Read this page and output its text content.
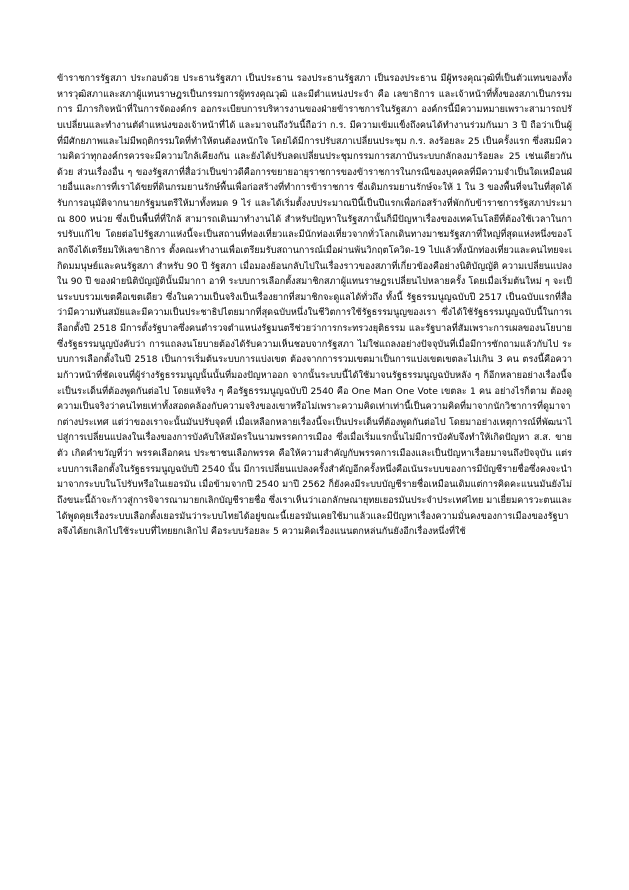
ข้าราชการรัฐสภา ประกอบด้วย ประธานรัฐสภา เป็นประธาน รองประธานรัฐสภา เป็นรองประธาน มีผู้ทรงคุณวุฒิที่เป็นตัวแทนของทั้งหารวุฒิสภาและสภาผู้แทนราษฎรเป็นกรรมการผู้ทรงคุณวุฒิ และมีตำแหน่งประจำ คือ เลขาธิการ และเจ้าหน้าที่ทั้งของสภาเป็นกรรมการ มีภารกิจหน้าที่ในการจัดองค์กร ออกระเบียบการบริหารงานของฝ่ายข้าราชการในรัฐสภา องค์กรนี้มีความหมายเพราะสามารถปรับเปลี่ยนและทำงานตัดำแหน่งของเจ้าหน้าที่ได้ และมาจนถึงวันนี้ถือว่า ก.ร. มีความเข้มแข็งถึงคนได้ทำงานร่วมกันมา 3 ปี ถือว่าเป็นผู้ที่มีศักยภาพและไม่มีพฤติกรรมใดที่ทำให้ตนต้องหนักใจ โดยได้มีการปรับสภาเปลี่ยนประชุม ก.ร. ลงร้อยละ 25 เป็นครั้งแรก ซึ่งสมมีความคิดว่าทุกองค์กรควรจะมีความใกล้เคียงกัน และยังได้ปรับลดเปลี่ยนประชุมกรรมการสภาบันระบบกลักลงมาร้อยละ 25 เช่นเดียวกันด้วย ส่วนเรื่องอื่น ๆ ของรัฐสภาที่สื่อว่าเป็นข่าวดีคือการขยายอายุราชการของข้าราชการในกรณีของบุคคลที่มีความจำเป็นใดเหมือนฝ่ายอื่นและการที่เราได้ขยที่ดินกรมยานรักษ์พื้นเพื่อก่อสร้างที่ทำการข้าราชการ ซึ่งเดิมกรมยานรักษ์จะให้ 1 ใน 3 ของพื้นที่จนในที่สุดได้รับการอนุมัติจากนายกรัฐมนตรีให้มาทั้งหมด 9 ไร่ และได้เริ่มตั้งงบประมาณปีนี้เป็นปีแรกเพื่อก่อสร้างที่พักกับข้าราชการรัฐสภาประมาณ 800 หน่วย ซึ่งเป็นพื้นที่ที่ใกล้ สามารถเดินมาทำงานได้ สำหรับปัญหาในรัฐสภานั้นก็มีปัญหาเรื่องของเทคโนโลยีที่ต้องใช้เวลาในการปรับแก้ไข โดยต่อไปรัฐสภาแห่งนี้จะเป็นสถานที่ท่องเที่ยวและมีนักท่องเที่ยวจากทั่วโลกเดินทางมาชมรัฐสภาที่ใหญ่ที่สุดแห่งหนึ่งของโลกจึงได้เตรียมให้เลขาธิการ ตั้งคณะทำงานเพื่อเตรียมรับสถานการณ์เมื่อผ่านพ้นวิกฤตโควิด-19 ไปแล้วทั้งนักท่องเที่ยวและคนไทยจะเกิดมมนุษย์และคนรัฐสภา สำหรับ 90 ปี รัฐสภา เมื่อมองย้อนกลับไปในเรื่องราวของสภาที่เกี่ยวข้องคือย่างนิติบัญญัติ ความเปลี่ยนแปลงใน 90 ปี ของฝ่ายนิติบัญญัตินั้นมีมากา อาทิ ระบบการเลือกตั้งสมาชิกสภาผู้แทนราษฎรเปลี่ยนไปหลายครั้ง โดยเมื่อเริ่มต้นใหม่ ๆ จะเป็นระบบรวมเขตคือเขตเดียว ซึ่งในความเป็นจริงเป็นเรื่องยากที่สมาชิกจะดูแลได้ทั่วถึง ทั้งนี้ รัฐธรรมนูญฉบับปี 2517 เป็นฉบับแรกที่สื่อว่ามีความทันสมัยและมีความเป็นประชาธิปไตยมากที่สุดฉบับหนึ่งในชีวิตการใช้รัฐธรรมนูญของเรา ซึ่งได้ใช้รัฐธรรมนูญฉบับนี้ในการเลือกตั้งปี 2518 มีการตั้งรัฐบาลซึ่งคนตำรวจตำแหน่งรัฐมนตรีช่วยว่าการกระทรวงยุติธรรม และรัฐบาลที่สัมเพราะการเผลของนโยบาย ซึ่งรัฐธรรมนูญบังคับว่า การแถลงนโยบายต้องได้รับความเห็นชอบจากรัฐสภา ไม่ใช่แถลงอย่างปัจจุบันที่เมื่อมีการซักถามแล้วกับไป ระบบการเลือกตั้งในปี 2518 เป็นการเริ่มต้นระบบการแบ่งเขต ต้องจากการรวมเขตมาเป็นการแบ่งเขตเขตละไม่เกิน 3 คน ตรงนี้คือความก้าวหน้าที่ชัดเจนที่ผู้ร่างรัฐธรรมนูญนั้นนั้นที่มองปัญหาออก จากนั้นระบบนี้ได้ใช้มาจนรัฐธรรมนูญฉบับหลัง ๆ ก็อีกหลายอย่างเรื่องนี้จะเป็นระเด็นที่ต้องพูดกันต่อไป โดยแท้จริง ๆ คือรัฐธรรมนูญฉบับปี 2540 คือ One Man One Vote เขตละ 1 คน อย่างไรก็ตาม ต้องดูความเป็นจริงว่าคนไทยเท่าทั้งสอดคล้องกับความจริงของเขาหรือไม่เพราะความคิดเท่าเท่านี้เป็นความคิดที่มาจากนักวิชาการที่ดูมาจากต่างประเทศ แต่ว่าของเราจะนั้นมันปรับจุดที่ เมื่อเหลือกหลายเรื่องนี้จะเป็นประเด็นที่ต้องพูดกันต่อไป โดยมาอย่างเหตุการณ์ที่พัฒนาไปสู่การเปลี่ยนแปลงในเรื่องของการบังคับให้สมัครในนามพรรคการเมือง ซึ่งเมื่อเริ่มแรกนั้นไม่มีการบังคับจึงทำให้เกิดปัญหา ส.ส. ขายตัว เกิดคำขวัญที่ว่า พรรคเลือกคน ประชาชนเลือกพรรค คือให้ความสำคัญกับพรรคการเมืองและเป็นปัญหาเรื่อยมาจนถึงปัจจุบัน แต่ระบบการเลือกตั้งในรัฐธรรมนูญฉบับปี 2540 นั้น มีการเปลี่ยนแปลงครั้งสำคัญอีกครั้งหนึ่งคือเน้นระบบของการมีบัญชีรายชื่อซึ่งคงจะนำมาจากระบบในโปรับหรือในเยอรมัน เมื่อข้ามจากปี 2540 มาปี 2562 ก็ยังคงมีระบบบัญชีรายชื่อเหมือนเดิมแต่การคิดคะแนนมันยังไม่ถึงขนะนี้ถ้าจะก้าวสู่การจิจารณามายกเลิกบัญชีรายชื่อ ซึ่งเราเห็นว่าเอกลักษณายุทยเยอรมันประจำประเทศไทย มาเยี่ยมคารวะตนและได้พูดคุยเรื่องระบบเลือกตั้งเยอรมันว่าระบบไทยได้อยู่ขณะนี้เยอรมันเคยใช้มาแล้วและมีปัญหาเรื่องความมั่นคงของการเมืองของรัฐบาลจึงได้ยกเลิกไปใช้ระบบที่ไทยยกเลิกไป คือระบบร้อยละ 5 ความคิดเรื่องแนนตกหล่นกันยังอีกเรื่องหนึ่งที่ใช้
